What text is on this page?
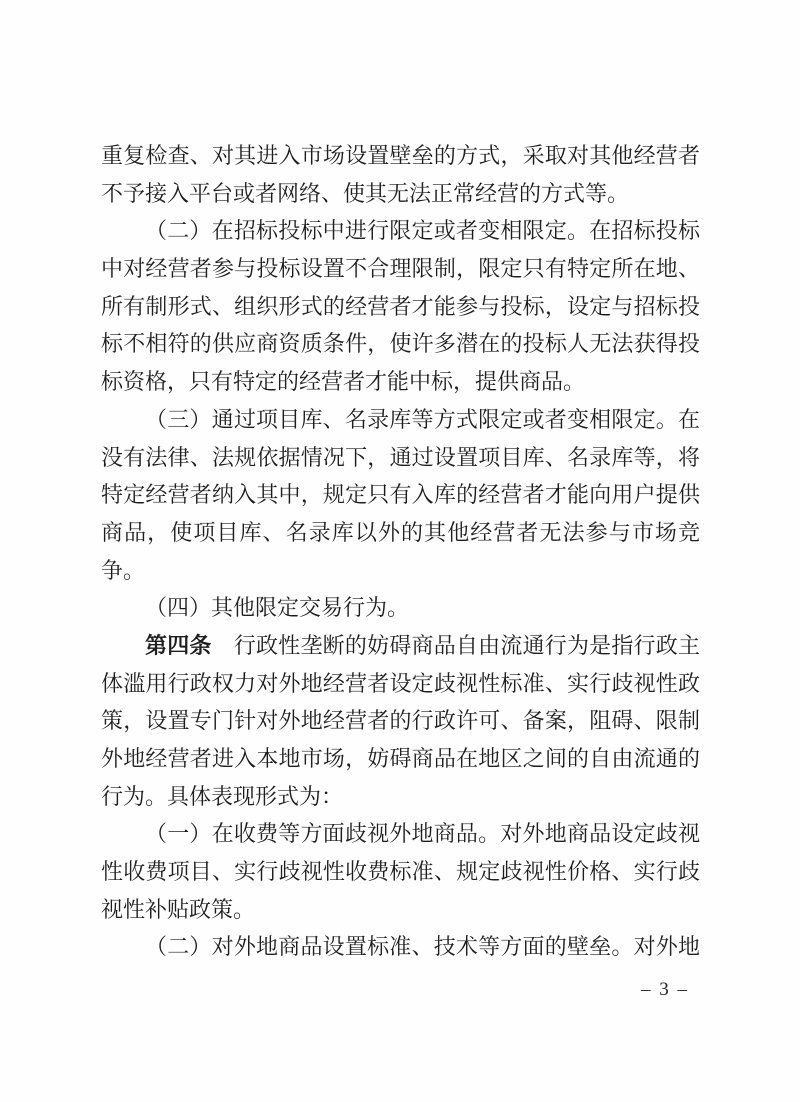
重复检查、对其进入市场设置壁垒的方式，采取对其他经营者
不予接入平台或者网络、使其无法正常经营的方式等。
（二）在招标投标中进行限定或者变相限定。在招标投标
中对经营者参与投标设置不合理限制，限定只有特定所在地、
所有制形式、组织形式的经营者才能参与投标，设定与招标投
标不相符的供应商资质条件，使许多潜在的投标人无法获得投
标资格，只有特定的经营者才能中标，提供商品。
（三）通过项目库、名录库等方式限定或者变相限定。在
没有法律、法规依据情况下，通过设置项目库、名录库等，将
特定经营者纳入其中，规定只有入库的经营者才能向用户提供
商品，使项目库、名录库以外的其他经营者无法参与市场竞
争。
（四）其他限定交易行为。
第四条　行政性垄断的妨碍商品自由流通行为是指行政主
体滥用行政权力对外地经营者设定歧视性标准、实行歧视性政
策，设置专门针对外地经营者的行政许可、备案，阻碍、限制
外地经营者进入本地市场，妨碍商品在地区之间的自由流通的
行为。具体表现形式为：
（一）在收费等方面歧视外地商品。对外地商品设定歧视
性收费项目、实行歧视性收费标准、规定歧视性价格、实行歧
视性补贴政策。
（二）对外地商品设置标准、技术等方面的壁垒。对外地
– 3 –
